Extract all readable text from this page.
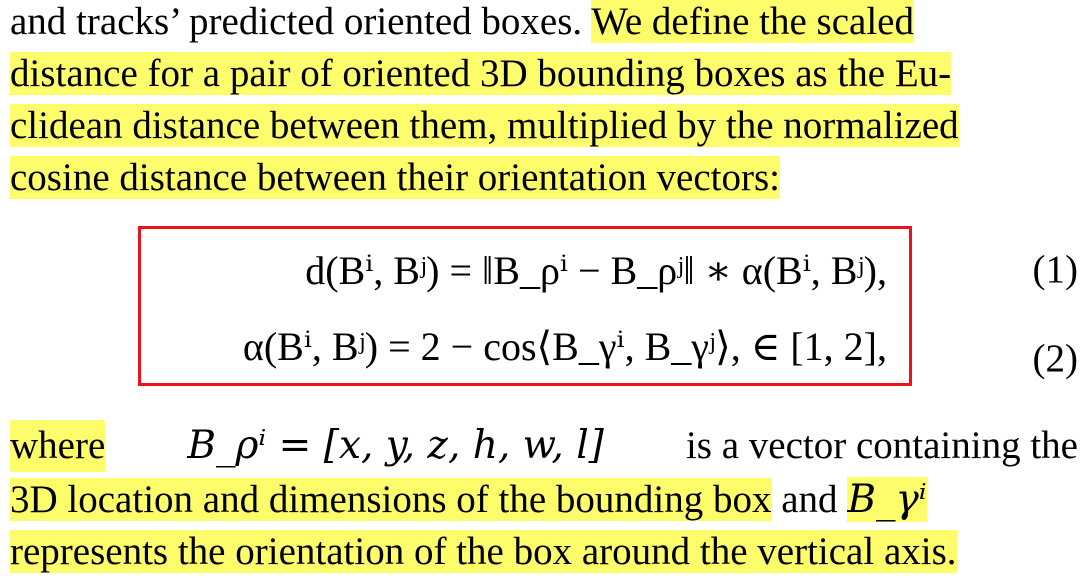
and tracks’ predicted oriented boxes. We define the scaled
distance for a pair of oriented 3D bounding boxes as the Eu-
clidean distance between them, multiplied by the normalized
cosine distance between their orientation vectors:
d(Bⁱ, Bʲ) = ‖B_ρⁱ − B_ρʲ‖ ∗ α(Bⁱ, Bʲ),
α(Bⁱ, Bʲ) = 2 − cos⟨B_γⁱ, B_γʲ⟩, ∈ [1, 2],
(1)
(2)
where B_ρⁱ = [x, y, z, h, w, l] is a vector containing the
3D location and dimensions of the bounding box and B_γⁱ
represents the orientation of the box around the vertical axis.
